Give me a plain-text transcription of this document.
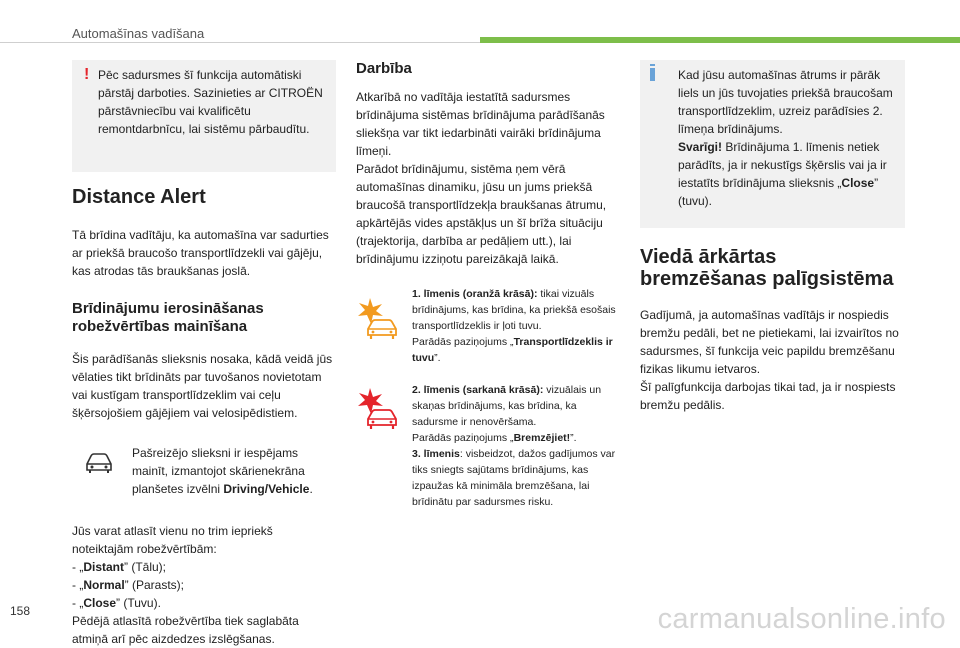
Automašīnas vadīšana
! Pēc sadursmes šī funkcija automātiski pārstāj darboties. Sazinieties ar CITROËN pārstāvniecību vai kvalificētu remontdarbnīcu, lai sistēmu pārbaudītu.
Distance Alert

Tā brīdina vadītāju, ka automašīna var sadurties ar priekšā braucošo transportlīdzekli vai gājēju, kas atrodas tās braukšanas joslā.

Brīdinājumu ierosināšanas
robežvērtības mainīšana

Šis parādīšanās slieksnis nosaka, kādā veidā jūs vēlaties tikt brīdināts par tuvošanos novietotam vai kustīgam transportlīdzeklim vai ceļu šķērsojošiem gājējiem vai velosipēdistiem.

Pašreizējo slieksni ir iespējams mainīt, izmantojot skārienekrāna planšetes izvēlni Driving/Vehicle.

Jūs varat atlasīt vienu no trim iepriekš noteiktajām robežvērtībām:

- „Distant” (Tālu);
- „Normal” (Parasts);
- „Close” (Tuvu).

Pēdējā atlasītā robežvērtība tiek saglabāta atmiņā arī pēc aizdedzes izslēgšanas.

Darbība

Atkarībā no vadītāja iestatītā sadursmes brīdinājuma sistēmas brīdinājuma parādīšanās sliekšņa var tikt iedarbināti vairāki brīdinājuma līmeņi.

Parādot brīdinājumu, sistēma ņem vērā automašīnas dinamiku, jūsu un jums priekšā braucošā transportlīdzekļa braukšanas ātrumu, apkārtējās vides apstākļus un šī brīža situāciju (trajektorija, darbība ar pedāļiem utt.), lai brīdinājumu izziņotu pareizākajā laikā.

1. līmenis (oranžā krāsā): tikai vizuāls brīdinājums, kas brīdina, ka priekšā esošais transportlīdzeklis ir ļoti tuvu.
Parādās paziņojums „Transportlīdzeklis ir tuvu”.
2. līmenis (sarkanā krāsā): vizuālais un skaņas brīdinājums, kas brīdina, ka sadursme ir nenovēršama.
Parādās paziņojums „Bremzējiet!”.
3. līmenis: visbeidzot, dažos gadījumos var tiks sniegts sajūtams brīdinājums, kas izpaužas kā minimāla bremzēšana, lai brīdinātu par sadursmes risku.
Kad jūsu automašīnas ātrums ir pārāk liels un jūs tuvojaties priekšā braucošam transportlīdzeklim, uzreiz parādīsies 2. līmeņa brīdinājums.
Svarīgi! Brīdinājuma 1. līmenis netiek parādīts, ja ir nekustīgs šķērslis vai ja ir iestatīts brīdinājuma slieksnis „Close” (tuvu).
Viedā ārkārtas
bremzēšanas palīgsistēma

Gadījumā, ja automašīnas vadītājs ir nospiedis bremžu pedāli, bet ne pietiekami, lai izvairītos no sadursmes, šī funkcija veic papildu bremzēšanu fizikas likumu ietvaros.

Šī palīgfunkcija darbojas tikai tad, ja ir nospiests bremžu pedālis.

158	carmanualsonline.info
